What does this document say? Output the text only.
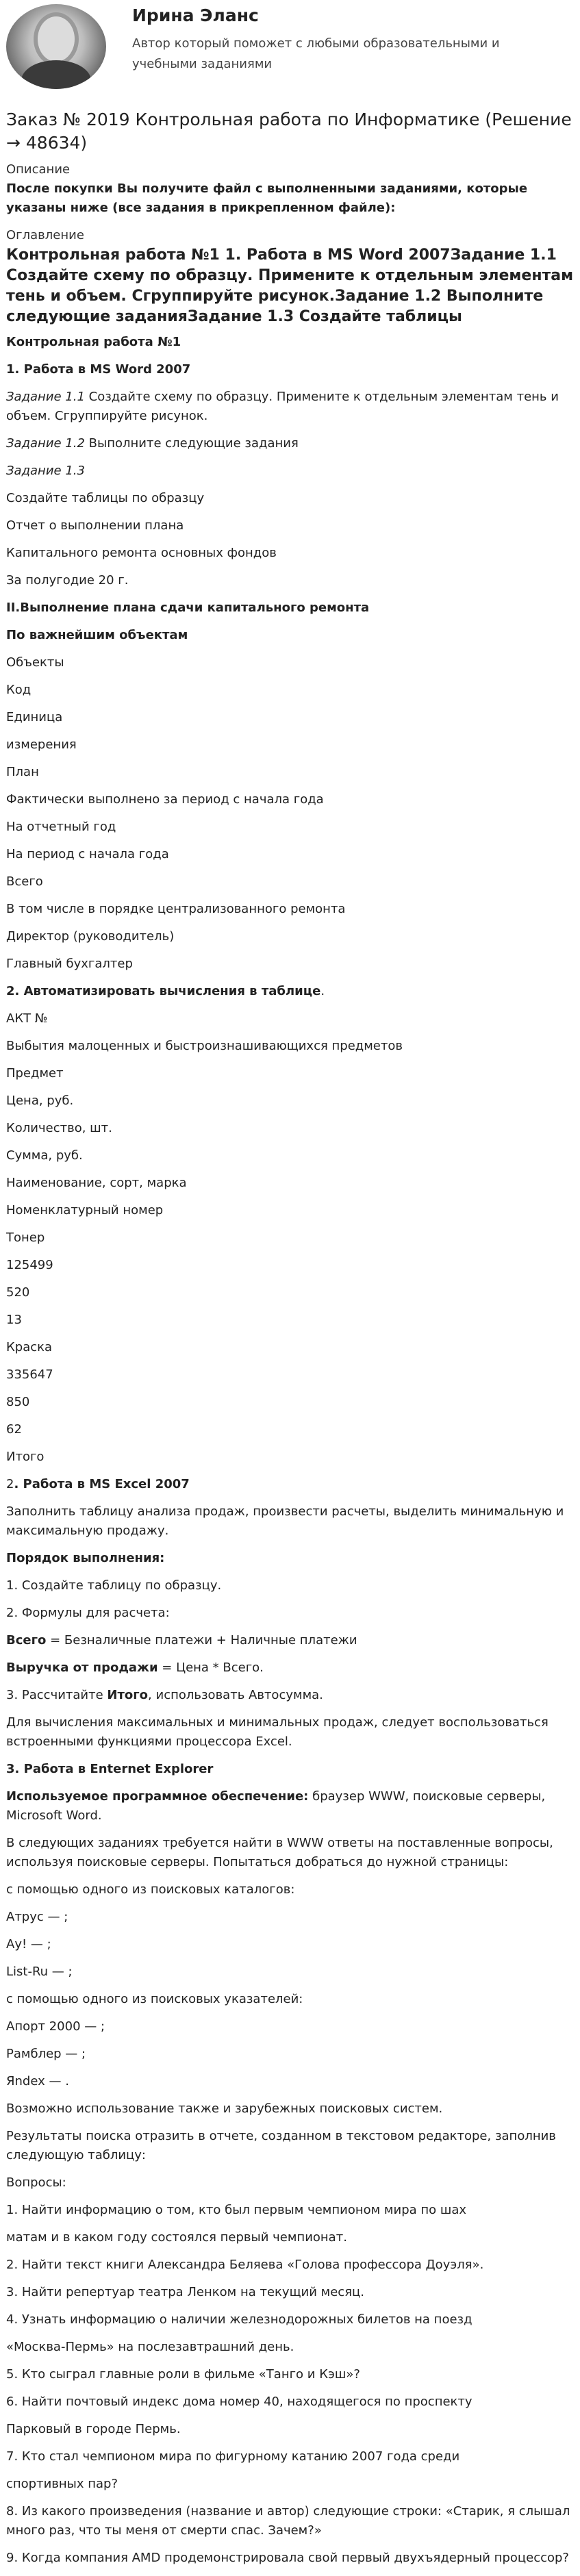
Ирина Эланс
Автор который поможет с любыми образовательными и учебными заданиями
Заказ № 2019 Контрольная работа по Информатике (Решение → 48634)
Описание
После покупки Вы получите файл с выполненными заданиями, которые указаны ниже (все задания в прикрепленном файле):
Оглавление
Контрольная работа №1 1. Работа в MS Word 2007Задание 1.1 Создайте схему по образцу. Примените к отдельным элементам тень и объем. Сгруппируйте рисунок.Задание 1.2 Выполните следующие заданияЗадание 1.3 Создайте таблицы

Контрольная работа №1

1. Работа в MS Word 2007

Задание 1.1 Создайте схему по образцу. Примените к отдельным элементам тень и объем. Сгруппируйте рисунок.

Задание 1.2 Выполните следующие задания

Задание 1.3

Создайте таблицы по образцу

Отчет о выполнении плана

Капитального ремонта основных фондов

За полугодие 20 г.

II.Выполнение плана сдачи капитального ремонта

По важнейшим объектам

Объекты

Код

Единица

измерения

План

Фактически выполнено за период с начала года

На отчетный год

На период с начала года

Всего

В том числе в порядке централизованного ремонта

Директор (руководитель)

Главный бухгалтер

2. Автоматизировать вычисления в таблице.

АКТ №

Выбытия малоценных и быстроизнашивающихся предметов

Предмет

Цена, руб.

Количество, шт.

Сумма, руб.

Наименование, сорт, марка

Номенклатурный номер

Тонер

125499

520

13

Краска

335647

850

62

Итого

2. Работа в MS Excel 2007

Заполнить таблицу анализа продаж, произвести расчеты, выделить минимальную и максимальную продажу.

Порядок выполнения:

1. Создайте таблицу по образцу.

2. Формулы для расчета:

Всего = Безналичные платежи + Наличные платежи

Выручка от продажи = Цена * Всего.

3. Рассчитайте Итого, использовать Автосумма.

Для вычисления максимальных и минимальных продаж, следует воспользоваться встроенными функциями процессора Excel.

3. Работа в Enternet Explorer

Используемое программное обеспечение: браузер WWW, поисковые серверы, Microsoft Word.

В следующих заданиях требуется найти в WWW ответы на поставленные вопросы, используя поисковые серверы. Попытаться добраться до нужной страницы:

с помощью одного из поисковых каталогов:

Атрус — ;

Ау! — ;

List-Ru — ;

с помощью одного из поисковых указателей:

Апорт 2000 — ;

Рамблер — ;

Яndex — .

Возможно использование также и зарубежных поисковых систем.

Результаты поиска отразить в отчете, созданном в текстовом редакторе, заполнив следующую таблицу:

Вопросы:

1. Найти информацию о том, кто был первым чемпионом мира по шах

матам и в каком году состоялся первый чемпионат.

2. Найти текст книги Александра Беляева «Голова профессора Доуэля».

3. Найти репертуар театра Ленком на текущий месяц.

4. Узнать информацию о наличии железнодорожных билетов на поезд

«Москва-Пермь» на послезавтрашний день.

5. Кто сыграл главные роли в фильме «Танго и Кэш»?

6. Найти почтовый индекс дома номер 40, находящегося по проспекту

Парковый в городе Пермь.

7. Кто стал чемпионом мира по фигурному катанию 2007 года среди

спортивных пар?

8. Из какого произведения (название и автор) следующие строки: «Старик, я слышал много раз, что ты меня от смерти спас. Зачем?»

9. Когда компания AMD продемонстрировала свой первый двухъядерный процессор?
